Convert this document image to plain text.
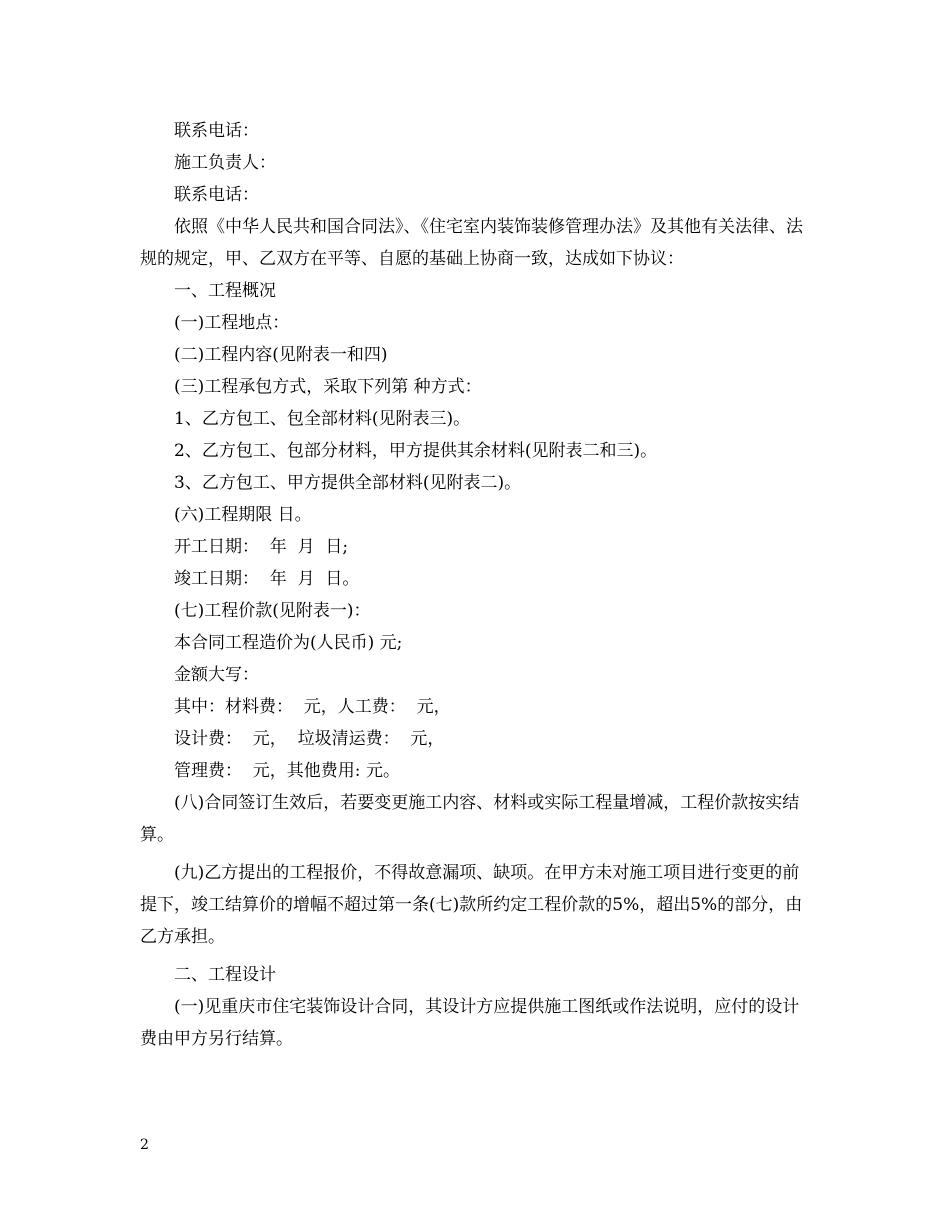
联系电话：

施工负责人：

联系电话：

依照《中华人民共和国合同法》、《住宅室内装饰装修管理办法》及其他有关法律、法规的规定，甲、乙双方在平等、自愿的基础上协商一致，达成如下协议：

一、工程概况

(一)工程地点：

(二)工程内容(见附表一和四)

(三)工程承包方式，采取下列第 种方式：

1、乙方包工、包全部材料(见附表三)。

2、乙方包工、包部分材料，甲方提供其余材料(见附表二和三)。

3、乙方包工、甲方提供全部材料(见附表二)。

(六)工程期限 日。

开工日期：  年  月  日;

竣工日期：  年  月  日。

(七)工程价款(见附表一)：

本合同工程造价为(人民币) 元;

金额大写：

其中：材料费：  元，人工费：  元，

设计费：  元，  垃圾清运费：  元，

管理费：  元，其他费用: 元。

(八)合同签订生效后，若要变更施工内容、材料或实际工程量增减，工程价款按实结算。

(九)乙方提出的工程报价，不得故意漏项、缺项。在甲方未对施工项目进行变更的前提下，竣工结算价的增幅不超过第一条(七)款所约定工程价款的5%，超出5%的部分，由乙方承担。

二、工程设计

(一)见重庆市住宅装饰设计合同，其设计方应提供施工图纸或作法说明，应付的设计费由甲方另行结算。

2
